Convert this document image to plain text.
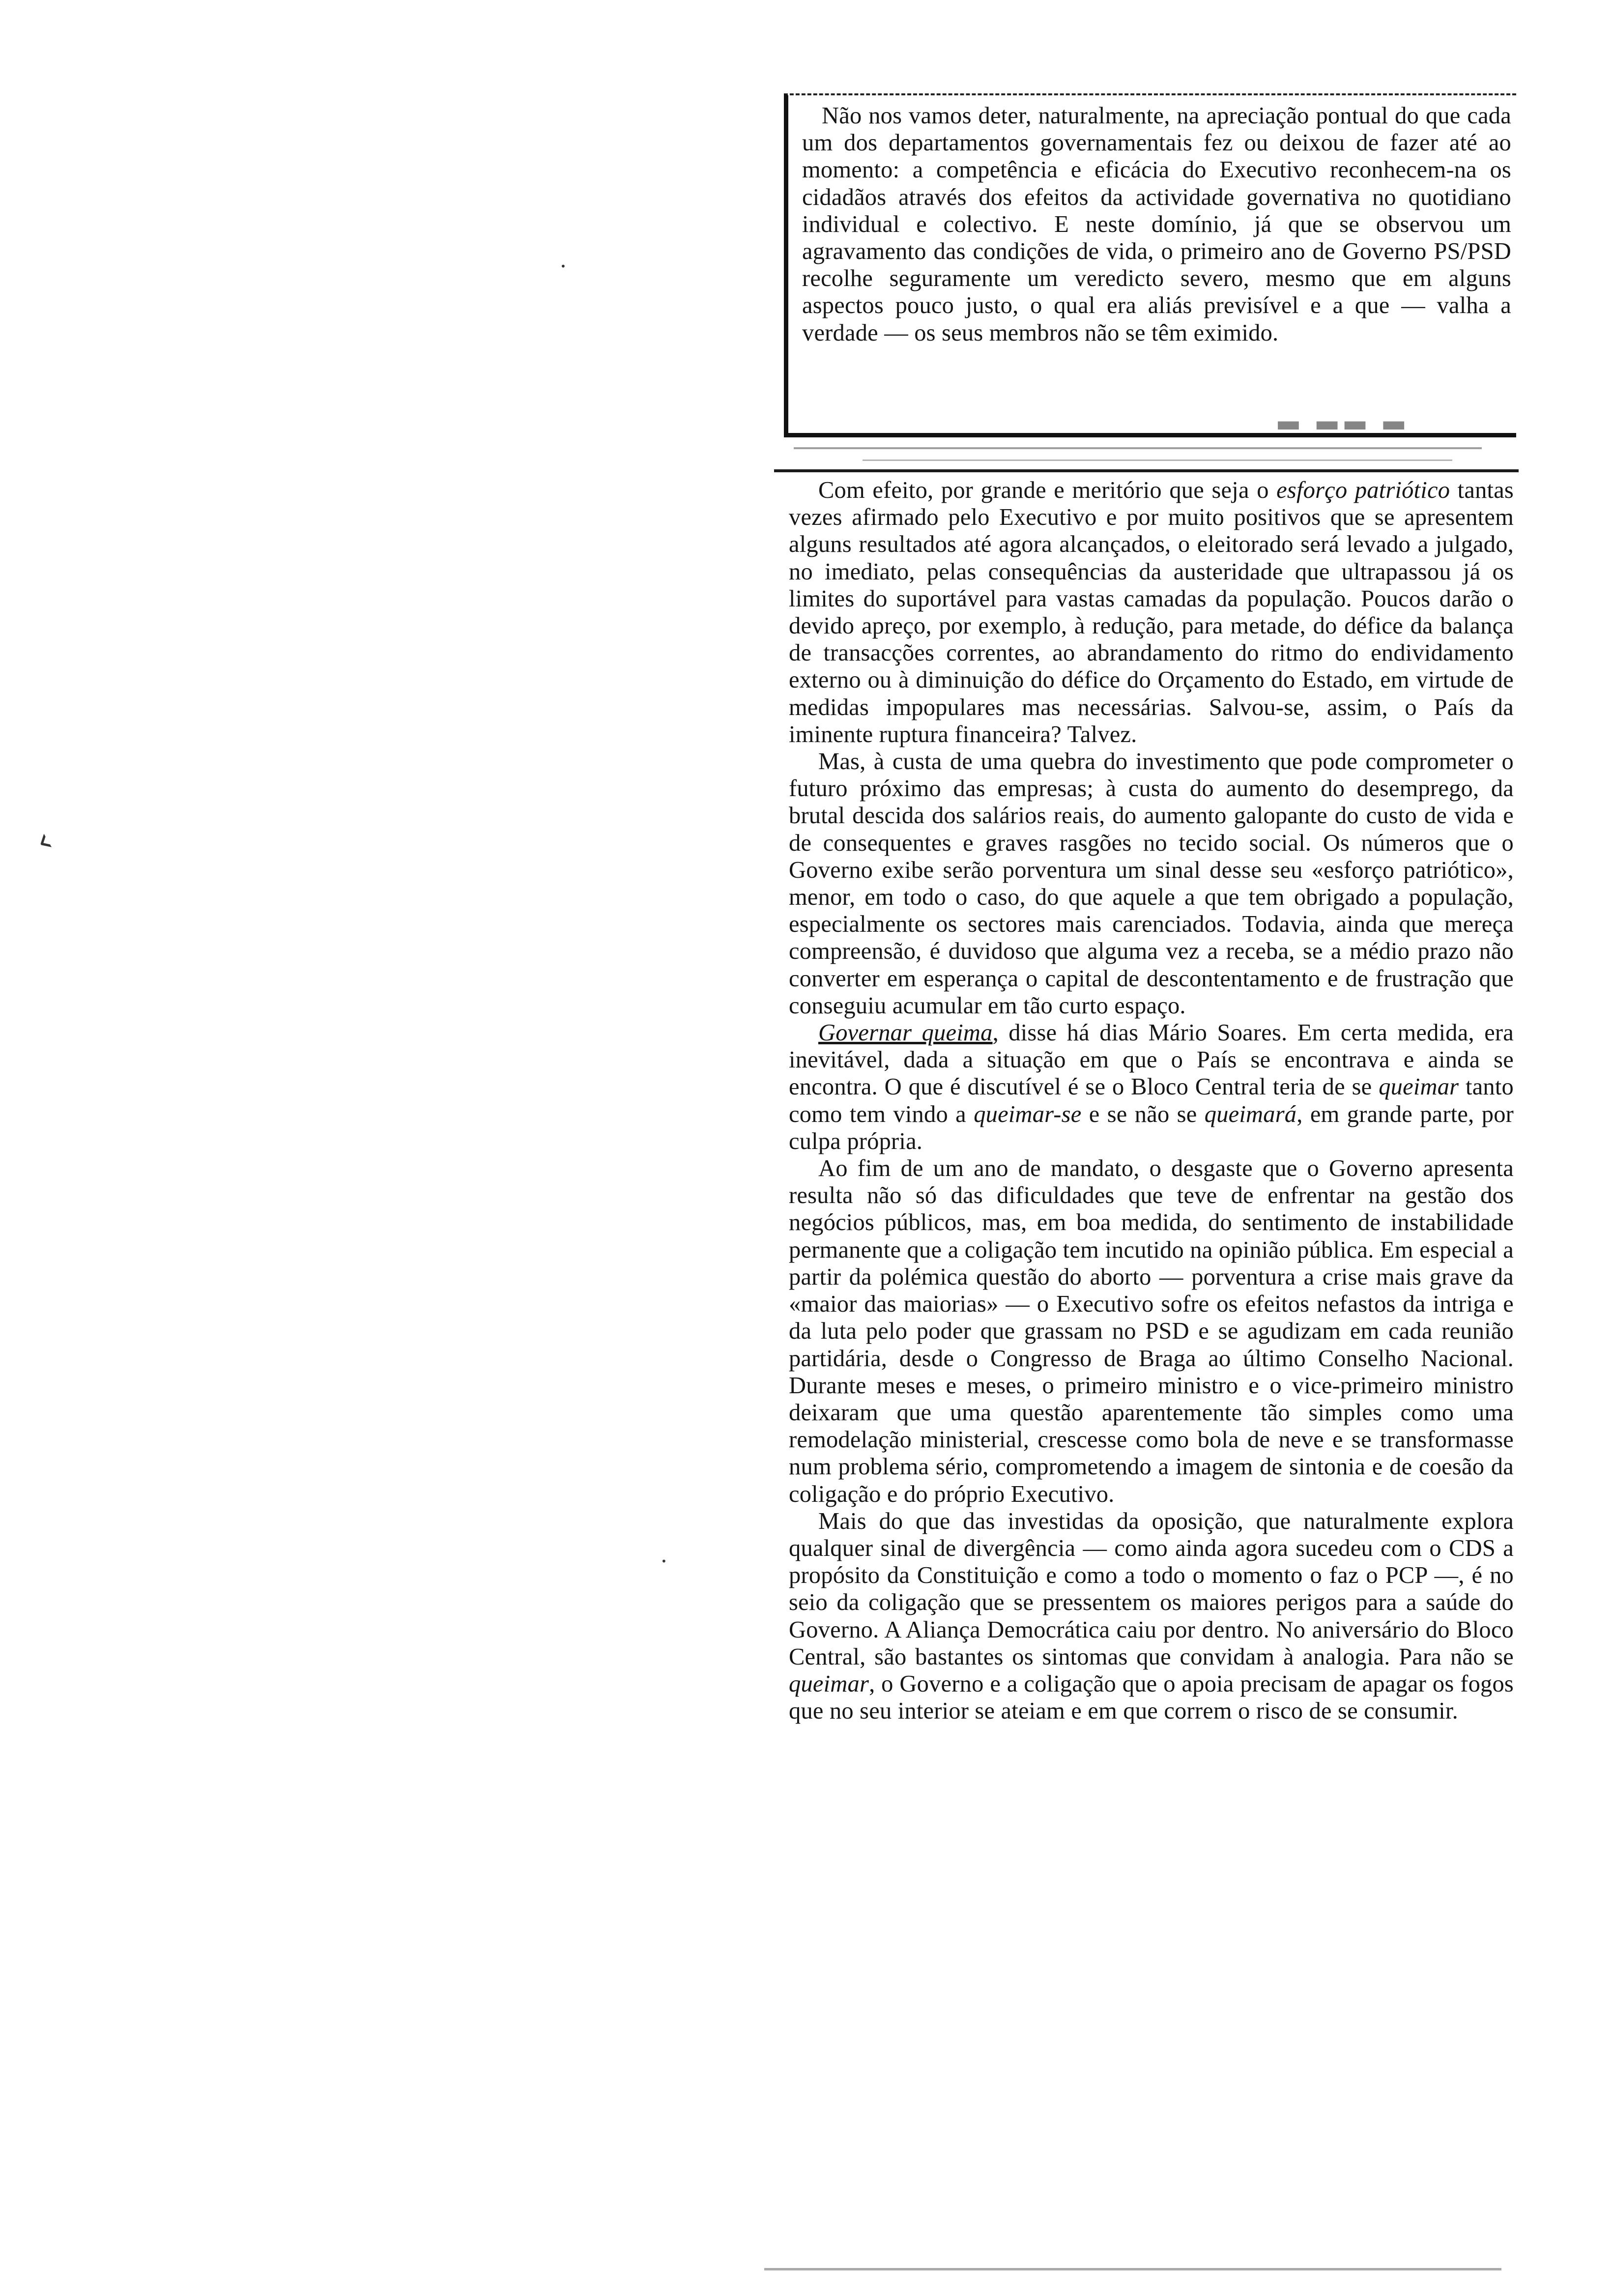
•
‹
•

Não nos vamos deter, naturalmente, na apreciação pontual do que cada um dos departamentos governamentais fez ou deixou de fazer até ao momento: a competência e eficácia do Executivo reconhecem-na os cidadãos através dos efeitos da actividade governativa no quotidiano individual e colectivo. E neste domínio, já que se observou um agravamento das condições de vida, o primeiro ano de Governo PS/PSD recolhe seguramente um veredicto severo, mesmo que em alguns aspectos pouco justo, o qual era aliás previsível e a que — valha a verdade — os seus membros não se têm eximido.

▬ ▬▬ ▬

Com efeito, por grande e meritório que seja o esforço patriótico tantas vezes afirmado pelo Executivo e por muito positivos que se apresentem alguns resultados até agora alcançados, o eleitorado será levado a julgado, no imediato, pelas consequências da austeridade que ultrapassou já os limites do suportável para vastas camadas da população. Poucos darão o devido apreço, por exemplo, à redução, para metade, do défice da balança de transacções correntes, ao abrandamento do ritmo do endividamento externo ou à diminuição do défice do Orçamento do Estado, em virtude de medidas impopulares mas necessárias. Salvou-se, assim, o País da iminente ruptura financeira? Talvez.

Mas, à custa de uma quebra do investimento que pode comprometer o futuro próximo das empresas; à custa do aumento do desemprego, da brutal descida dos salários reais, do aumento galopante do custo de vida e de consequentes e graves rasgões no tecido social. Os números que o Governo exibe serão porventura um sinal desse seu «esforço patriótico», menor, em todo o caso, do que aquele a que tem obrigado a população, especialmente os sectores mais carenciados. Todavia, ainda que mereça compreensão, é duvidoso que alguma vez a receba, se a médio prazo não converter em esperança o capital de descontentamento e de frustração que conseguiu acumular em tão curto espaço.

Governar queima, disse há dias Mário Soares. Em certa medida, era inevitável, dada a situação em que o País se encontrava e ainda se encontra. O que é discutível é se o Bloco Central teria de se queimar tanto como tem vindo a queimar-se e se não se queimará, em grande parte, por culpa própria.

Ao fim de um ano de mandato, o desgaste que o Governo apresenta resulta não só das dificuldades que teve de enfrentar na gestão dos negócios públicos, mas, em boa medida, do sentimento de instabilidade permanente que a coligação tem incutido na opinião pública. Em especial a partir da polémica questão do aborto — porventura a crise mais grave da «maior das maiorias» — o Executivo sofre os efeitos nefastos da intriga e da luta pelo poder que grassam no PSD e se agudizam em cada reunião partidária, desde o Congresso de Braga ao último Conselho Nacional. Durante meses e meses, o primeiro ministro e o vice-primeiro ministro deixaram que uma questão aparentemente tão simples como uma remodelação ministerial, crescesse como bola de neve e se transformasse num problema sério, comprometendo a imagem de sintonia e de coesão da coligação e do próprio Executivo.

Mais do que das investidas da oposição, que naturalmente explora qualquer sinal de divergência — como ainda agora sucedeu com o CDS a propósito da Constituição e como a todo o momento o faz o PCP —, é no seio da coligação que se pressentem os maiores perigos para a saúde do Governo. A Aliança Democrática caiu por dentro. No aniversário do Bloco Central, são bastantes os sintomas que convidam à analogia. Para não se queimar, o Governo e a coligação que o apoia precisam de apagar os fogos que no seu interior se ateiam e em que correm o risco de se consumir.
